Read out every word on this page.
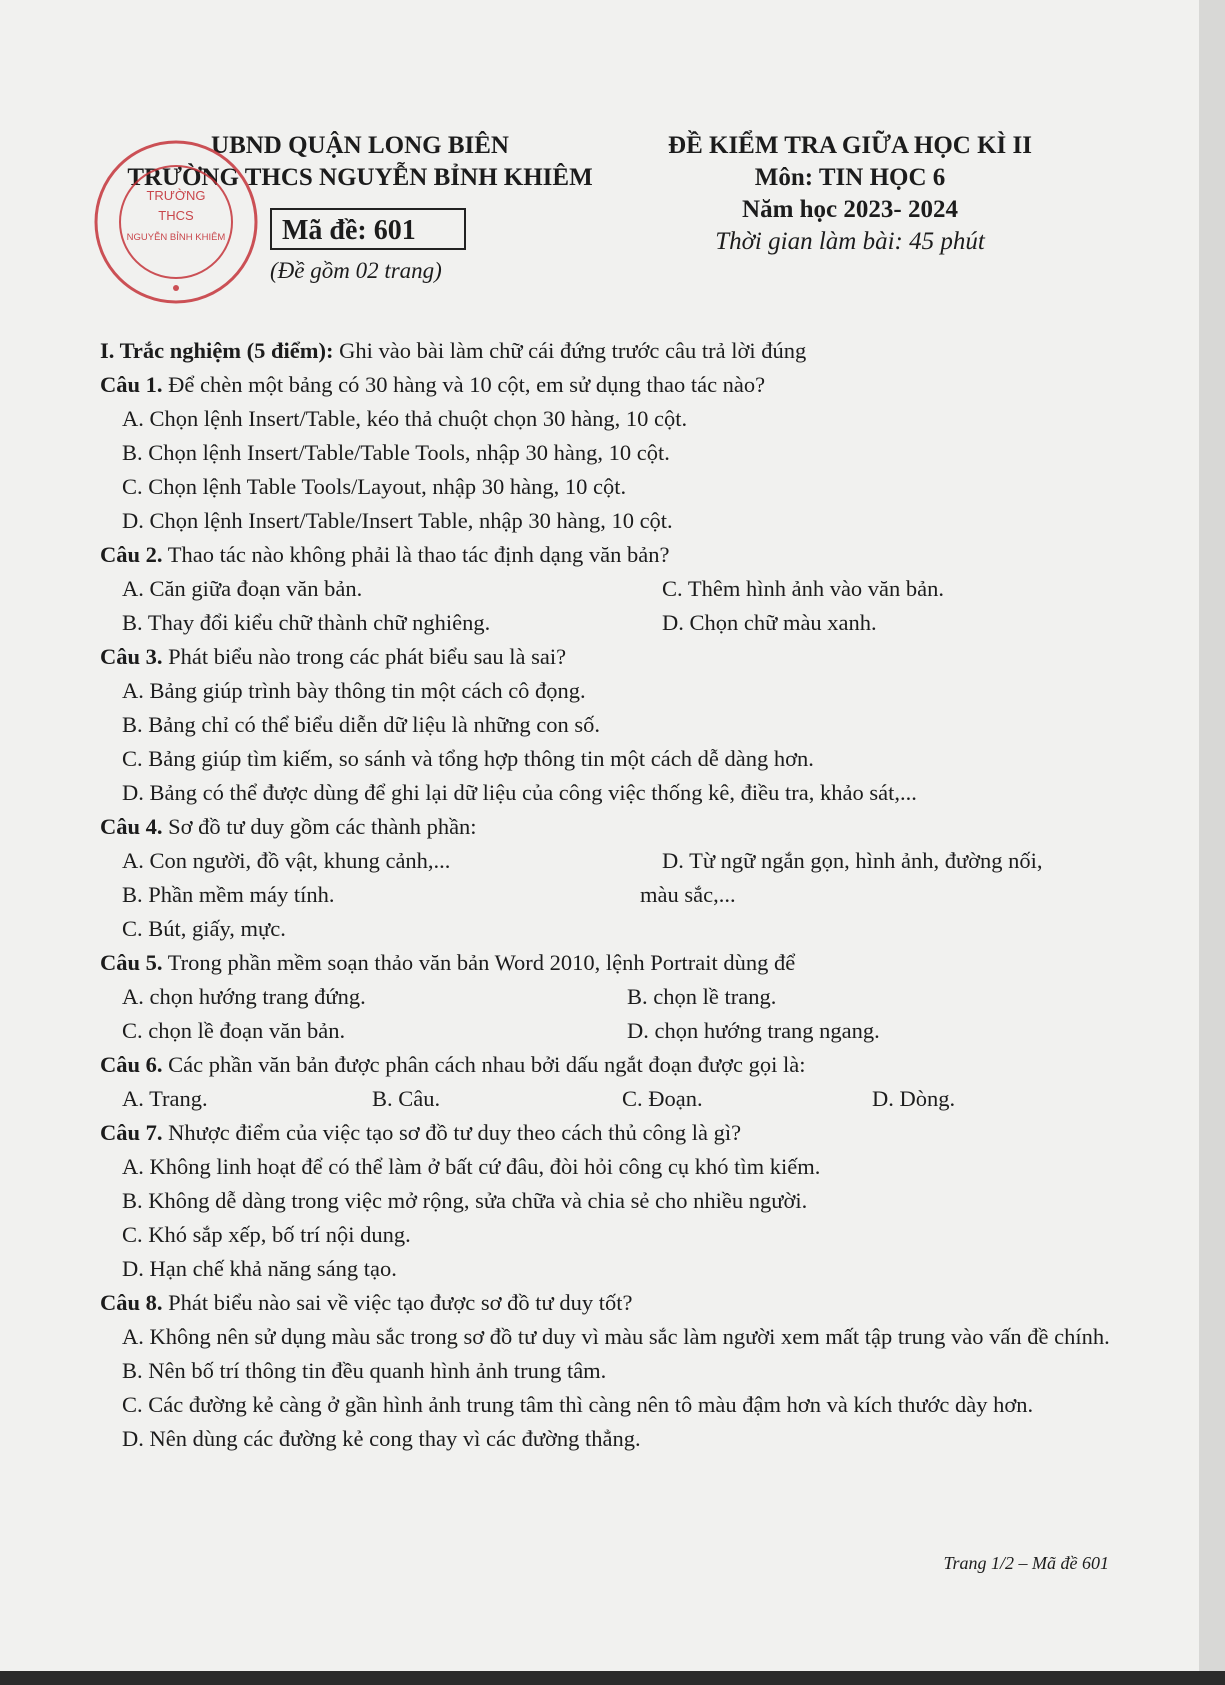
UBND QUẬN LONG BIÊN
TRƯỜNG THCS NGUYỄN BỈNH KHIÊM
ĐỀ KIỂM TRA GIỮA HỌC KÌ II
Môn: TIN HỌC 6
Năm học 2023- 2024
Thời gian làm bài: 45 phút
TRƯỜNG
THCS
NGUYỄN BỈNH KHIÊM	Mã đề: 601
(Đề gồm 02 trang)
I. Trắc nghiệm (5 điểm): Ghi vào bài làm chữ cái đứng trước câu trả lời đúng
Câu 1. Để chèn một bảng có 30 hàng và 10 cột, em sử dụng thao tác nào?
A. Chọn lệnh Insert/Table, kéo thả chuột chọn 30 hàng, 10 cột.
B. Chọn lệnh Insert/Table/Table Tools, nhập 30 hàng, 10 cột.
C. Chọn lệnh Table Tools/Layout, nhập 30 hàng, 10 cột.
D. Chọn lệnh Insert/Table/Insert Table, nhập 30 hàng, 10 cột.
Câu 2. Thao tác nào không phải là thao tác định dạng văn bản?
A. Căn giữa đoạn văn bản.	C. Thêm hình ảnh vào văn bản.
B. Thay đổi kiểu chữ thành chữ nghiêng.	D. Chọn chữ màu xanh.
Câu 3. Phát biểu nào trong các phát biểu sau là sai?
A. Bảng giúp trình bày thông tin một cách cô đọng.
B. Bảng chỉ có thể biểu diễn dữ liệu là những con số.
C. Bảng giúp tìm kiếm, so sánh và tổng hợp thông tin một cách dễ dàng hơn.
D. Bảng có thể được dùng để ghi lại dữ liệu của công việc thống kê, điều tra, khảo sát,...
Câu 4. Sơ đồ tư duy gồm các thành phần:
A. Con người, đồ vật, khung cảnh,...	D. Từ ngữ ngắn gọn, hình ảnh, đường nối,
B. Phần mềm máy tính.	màu sắc,...
C. Bút, giấy, mực.
Câu 5. Trong phần mềm soạn thảo văn bản Word 2010, lệnh Portrait dùng để
A. chọn hướng trang đứng.	B. chọn lề trang.
C. chọn lề đoạn văn bản.	D. chọn hướng trang ngang.
Câu 6. Các phần văn bản được phân cách nhau bởi dấu ngắt đoạn được gọi là:
A. Trang.	B. Câu.	C. Đoạn.	D. Dòng.
Câu 7. Nhược điểm của việc tạo sơ đồ tư duy theo cách thủ công là gì?
A. Không linh hoạt để có thể làm ở bất cứ đâu, đòi hỏi công cụ khó tìm kiếm.
B. Không dễ dàng trong việc mở rộng, sửa chữa và chia sẻ cho nhiều người.
C. Khó sắp xếp, bố trí nội dung.
D. Hạn chế khả năng sáng tạo.
Câu 8. Phát biểu nào sai về việc tạo được sơ đồ tư duy tốt?
A. Không nên sử dụng màu sắc trong sơ đồ tư duy vì màu sắc làm người xem mất tập trung vào vấn đề chính.
B. Nên bố trí thông tin đều quanh hình ảnh trung tâm.
C. Các đường kẻ càng ở gần hình ảnh trung tâm thì càng nên tô màu đậm hơn và kích thước dày hơn.
D. Nên dùng các đường kẻ cong thay vì các đường thẳng.
Trang 1/2 – Mã đề 601
